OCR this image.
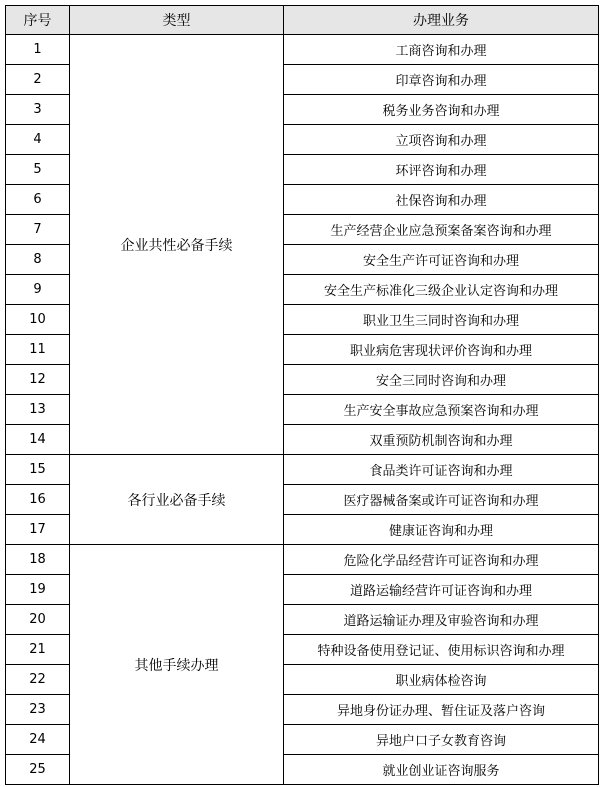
序号	类型	办理业务
1	企业共性必备手续	工商咨询和办理
2		印章咨询和办理
3		税务业务咨询和办理
4		立项咨询和办理
5		环评咨询和办理
6		社保咨询和办理
7		生产经营企业应急预案备案咨询和办理
8		安全生产许可证咨询和办理
9		安全生产标准化三级企业认定咨询和办理
10		职业卫生三同时咨询和办理
11		职业病危害现状评价咨询和办理
12		安全三同时咨询和办理
13		生产安全事故应急预案咨询和办理
14		双重预防机制咨询和办理
15	各行业必备手续	食品类许可证咨询和办理
16		医疗器械备案或许可证咨询和办理
17		健康证咨询和办理
18	其他手续办理	危险化学品经营许可证咨询和办理
19		道路运输经营许可证咨询和办理
20		道路运输证办理及审验咨询和办理
21		特种设备使用登记证、使用标识咨询和办理
22		职业病体检咨询
23		异地身份证办理、暂住证及落户咨询
24		异地户口子女教育咨询
25		就业创业证咨询服务
